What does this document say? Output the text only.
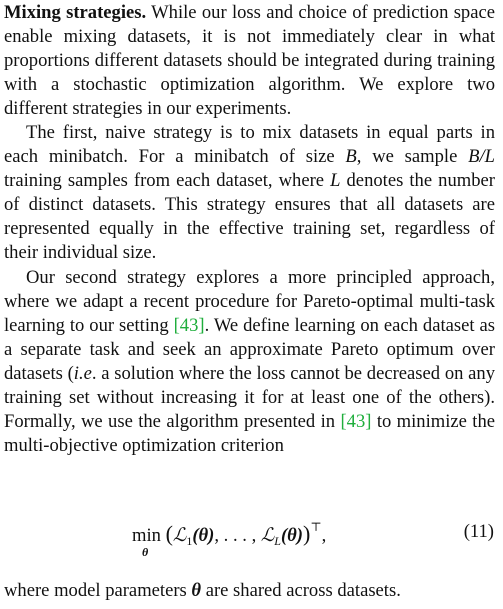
Mixing strategies. While our loss and choice of prediction space enable mixing datasets, it is not immediately clear in what proportions different datasets should be integrated during training with a stochastic optimization algorithm. We explore two different strategies in our experiments.

The first, naive strategy is to mix datasets in equal parts in each minibatch. For a minibatch of size B, we sample B/L training samples from each dataset, where L denotes the number of distinct datasets. This strategy ensures that all datasets are represented equally in the effective training set, regardless of their individual size.

Our second strategy explores a more principled approach, where we adapt a recent procedure for Pareto-optimal multi-task learning to our setting [43]. We define learning on each dataset as a separate task and seek an approximate Pareto optimum over datasets (i.e. a solution where the loss cannot be decreased on any training set without increasing it for at least one of the others). Formally, we use the algorithm presented in [43] to minimize the multi-objective optimization criterion

min
θ
(ℒ$_1$(θ), . . . , ℒ$_L$(θ))⊤,	(11)

where model parameters θ are shared across datasets.
